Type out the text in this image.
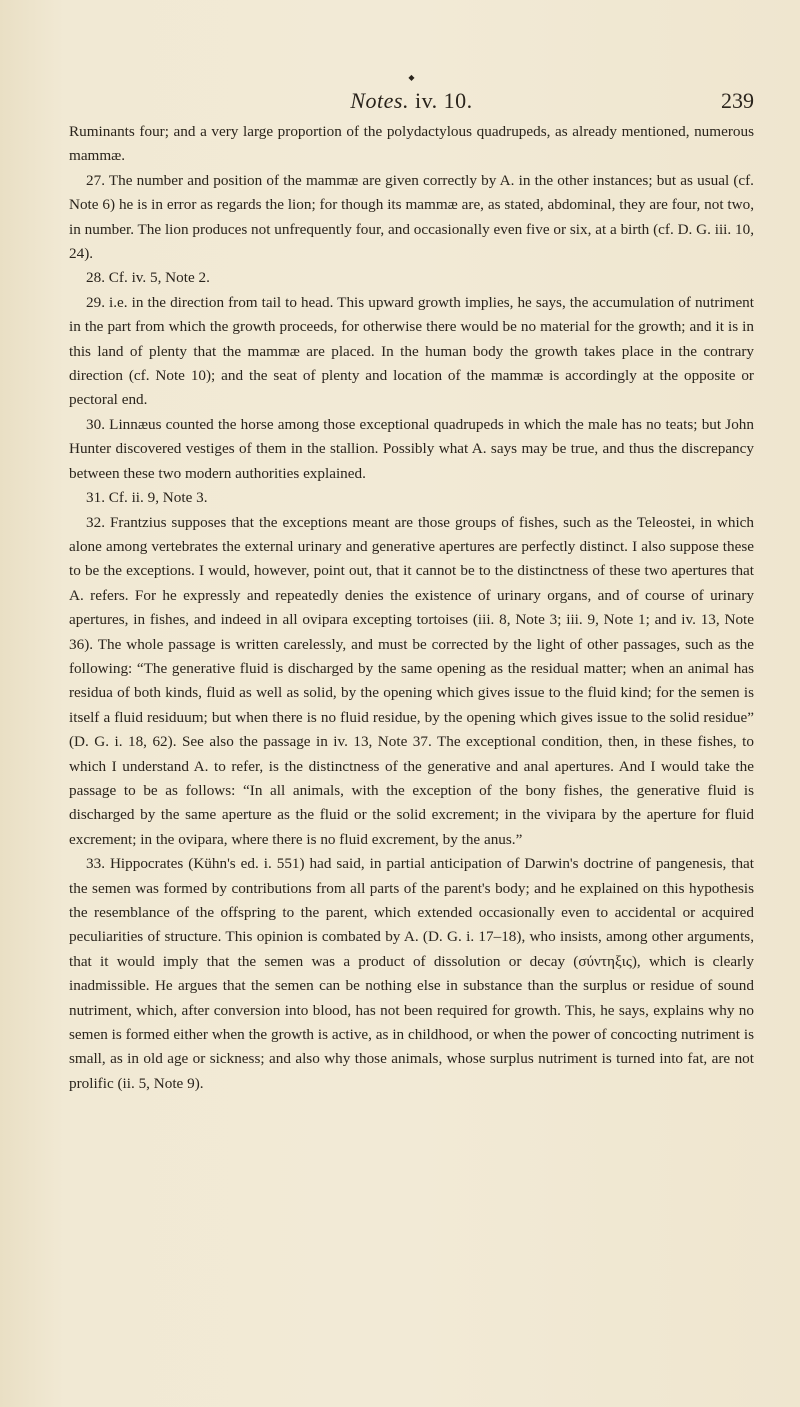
◆
Notes. iv. 10.	239

Ruminants four; and a very large proportion of the polydactylous quadrupeds, as already mentioned, numerous mammæ.

27. The number and position of the mammæ are given correctly by A. in the other instances; but as usual (cf. Note 6) he is in error as regards the lion; for though its mammæ are, as stated, abdominal, they are four, not two, in number. The lion produces not unfrequently four, and occasionally even five or six, at a birth (cf. D. G. iii. 10, 24).

28. Cf. iv. 5, Note 2.

29. i.e. in the direction from tail to head. This upward growth implies, he says, the accumulation of nutriment in the part from which the growth proceeds, for otherwise there would be no material for the growth; and it is in this land of plenty that the mammæ are placed. In the human body the growth takes place in the contrary direction (cf. Note 10); and the seat of plenty and location of the mammæ is accordingly at the opposite or pectoral end.

30. Linnæus counted the horse among those exceptional quadrupeds in which the male has no teats; but John Hunter discovered vestiges of them in the stallion. Possibly what A. says may be true, and thus the discrepancy between these two modern authorities explained.

31. Cf. ii. 9, Note 3.

32. Frantzius supposes that the exceptions meant are those groups of fishes, such as the Teleostei, in which alone among vertebrates the external urinary and generative apertures are perfectly distinct. I also suppose these to be the exceptions. I would, however, point out, that it cannot be to the distinctness of these two apertures that A. refers. For he expressly and repeatedly denies the existence of urinary organs, and of course of urinary apertures, in fishes, and indeed in all ovipara excepting tortoises (iii. 8, Note 3; iii. 9, Note 1; and iv. 13, Note 36). The whole passage is written carelessly, and must be corrected by the light of other passages, such as the following: “The generative fluid is discharged by the same opening as the residual matter; when an animal has residua of both kinds, fluid as well as solid, by the opening which gives issue to the fluid kind; for the semen is itself a fluid residuum; but when there is no fluid residue, by the opening which gives issue to the solid residue” (D. G. i. 18, 62). See also the passage in iv. 13, Note 37. The exceptional condition, then, in these fishes, to which I understand A. to refer, is the distinctness of the generative and anal apertures. And I would take the passage to be as follows: “In all animals, with the exception of the bony fishes, the generative fluid is discharged by the same aperture as the fluid or the solid excrement; in the vivipara by the aperture for fluid excrement; in the ovipara, where there is no fluid excrement, by the anus.”

33. Hippocrates (Kühn's ed. i. 551) had said, in partial anticipation of Darwin's doctrine of pangenesis, that the semen was formed by contributions from all parts of the parent's body; and he explained on this hypothesis the resemblance of the offspring to the parent, which extended occasionally even to accidental or acquired peculiarities of structure. This opinion is combated by A. (D. G. i. 17–18), who insists, among other arguments, that it would imply that the semen was a product of dissolution or decay (σύντηξις), which is clearly inadmissible. He argues that the semen can be nothing else in substance than the surplus or residue of sound nutriment, which, after conversion into blood, has not been required for growth. This, he says, explains why no semen is formed either when the growth is active, as in childhood, or when the power of concocting nutriment is small, as in old age or sickness; and also why those animals, whose surplus nutriment is turned into fat, are not prolific (ii. 5, Note 9).
